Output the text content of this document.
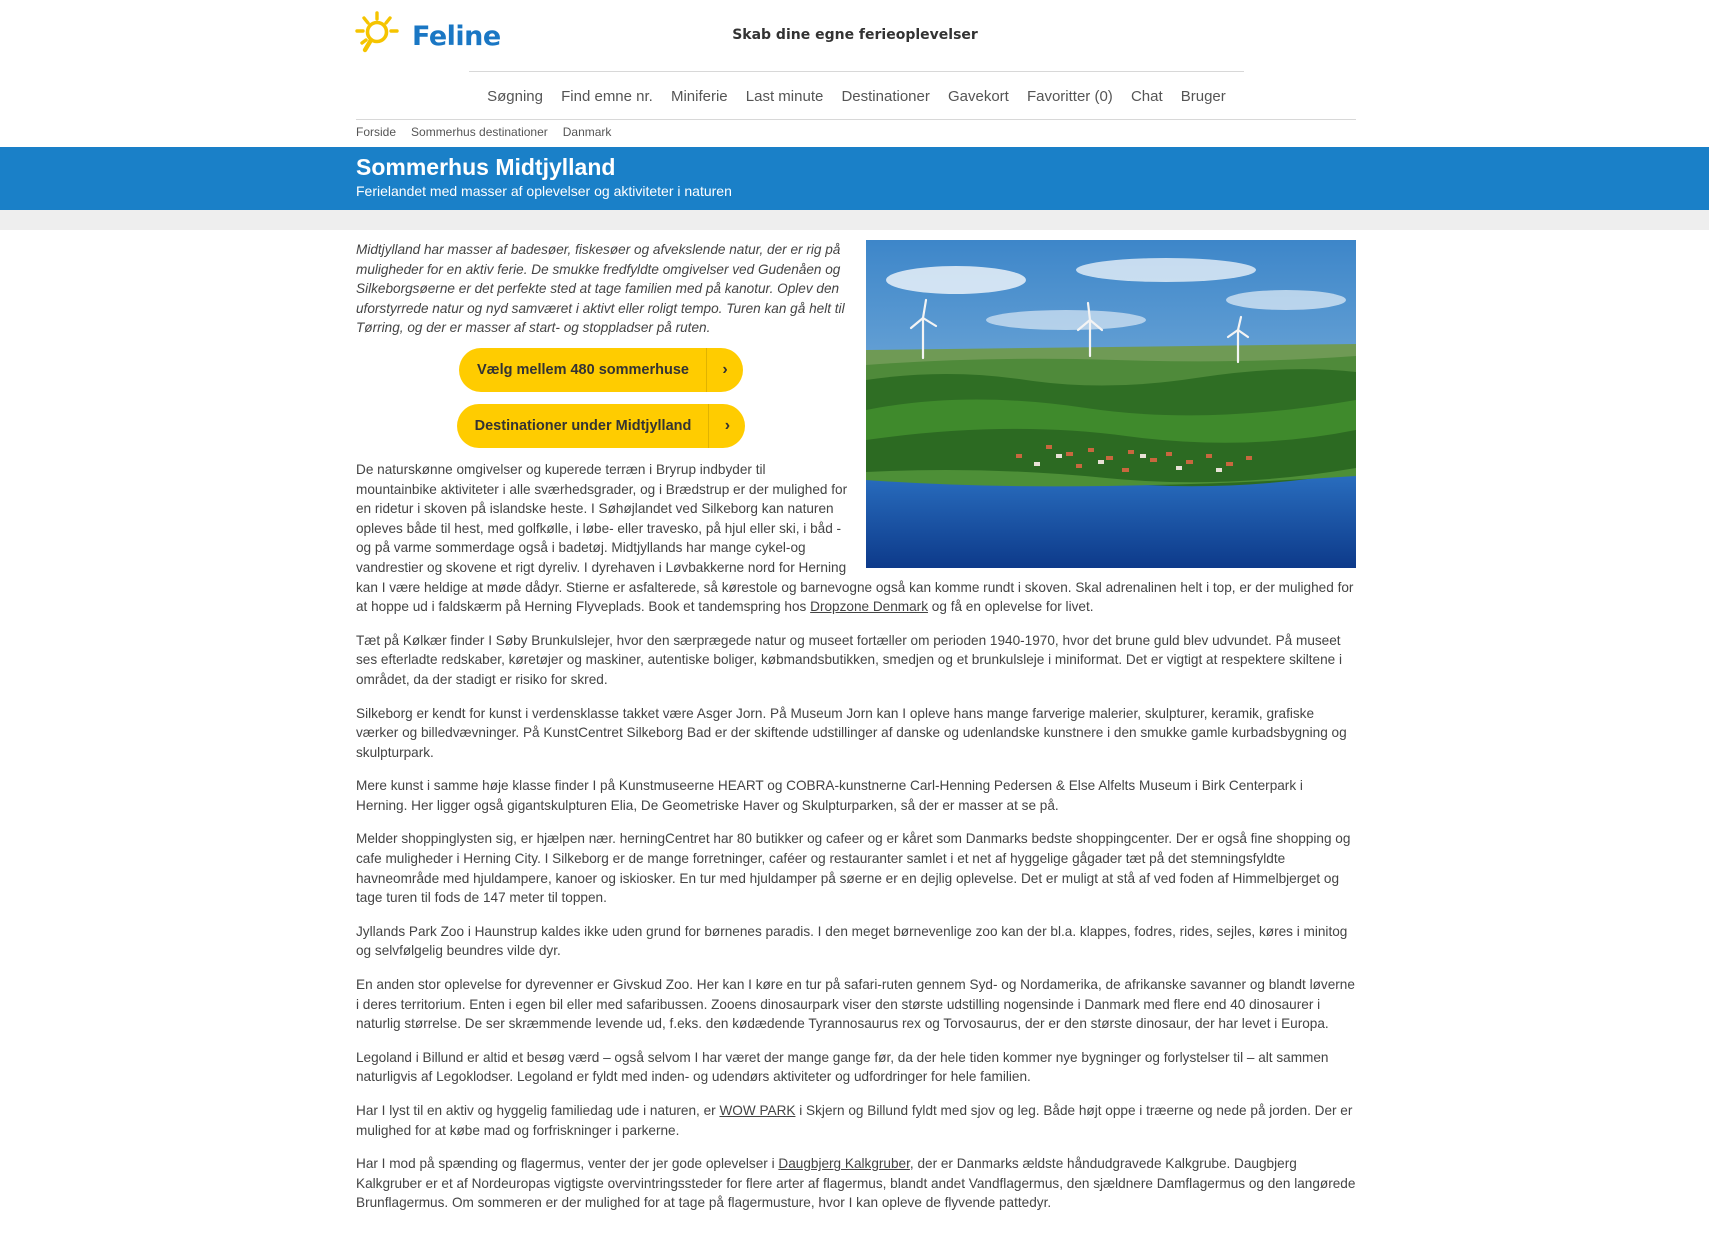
Feline	Skab dine egne ferieoplevelser
Søgning Find emne nr. Miniferie Last minute Destinationer Gavekort Favoritter (0) Chat Bruger
Forside Sommerhus destinationer Danmark
Sommerhus Midtjylland

Ferielandet med masser af oplevelser og aktiviteter i naturen

Midtjylland har masser af badesøer, fiskesøer og afvekslende natur, der er rig på muligheder for en aktiv ferie. De smukke fredfyldte omgivelser ved Gudenåen og Silkeborgsøerne er det perfekte sted at tage familien med på kanotur. Oplev den uforstyrrede natur og nyd samværet i aktivt eller roligt tempo. Turen kan gå helt til Tørring, og der er masser af start- og stoppladser på ruten.

Vælg mellem 480 sommerhuse	›
Destinationer under Midtjylland	›

De naturskønne omgivelser og kuperede terræn i Bryrup indbyder til mountainbike aktiviteter i alle sværhedsgrader, og i Brædstrup er der mulighed for en ridetur i skoven på islandske heste. I Søhøjlandet ved Silkeborg kan naturen opleves både til hest, med golfkølle, i løbe- eller travesko, på hjul eller ski, i båd - og på varme sommerdage også i badetøj. Midtjyllands har mange cykel-og vandrestier og skovene et rigt dyreliv. I dyrehaven i Løvbakkerne nord for Herning kan I være heldige at møde dådyr. Stierne er asfalterede, så kørestole og barnevogne også kan komme rundt i skoven. Skal adrenalinen helt i top, er der mulighed for at hoppe ud i faldskærm på Herning Flyveplads. Book et tandemspring hos Dropzone Denmark og få en oplevelse for livet.

Tæt på Kølkær finder I Søby Brunkulslejer, hvor den særprægede natur og museet fortæller om perioden 1940-1970, hvor det brune guld blev udvundet. På museet ses efterladte redskaber, køretøjer og maskiner, autentiske boliger, købmandsbutikken, smedjen og et brunkulsleje i miniformat. Det er vigtigt at respektere skiltene i området, da der stadigt er risiko for skred.

Silkeborg er kendt for kunst i verdensklasse takket være Asger Jorn. På Museum Jorn kan I opleve hans mange farverige malerier, skulpturer, keramik, grafiske værker og billedvævninger. På KunstCentret Silkeborg Bad er der skiftende udstillinger af danske og udenlandske kunstnere i den smukke gamle kurbadsbygning og skulpturpark.

Mere kunst i samme høje klasse finder I på Kunstmuseerne HEART og COBRA-kunstnerne Carl-Henning Pedersen & Else Alfelts Museum i Birk Centerpark i Herning. Her ligger også gigantskulpturen Elia, De Geometriske Haver og Skulpturparken, så der er masser at se på.

Melder shoppinglysten sig, er hjælpen nær. herningCentret har 80 butikker og cafeer og er kåret som Danmarks bedste shoppingcenter. Der er også fine shopping og cafe muligheder i Herning City. I Silkeborg er de mange forretninger, caféer og restauranter samlet i et net af hyggelige gågader tæt på det stemningsfyldte havneområde med hjuldampere, kanoer og iskiosker. En tur med hjuldamper på søerne er en dejlig oplevelse. Det er muligt at stå af ved foden af Himmelbjerget og tage turen til fods de 147 meter til toppen.

Jyllands Park Zoo i Haunstrup kaldes ikke uden grund for børnenes paradis. I den meget børnevenlige zoo kan der bl.a. klappes, fodres, rides, sejles, køres i minitog og selvfølgelig beundres vilde dyr.

En anden stor oplevelse for dyrevenner er Givskud Zoo. Her kan I køre en tur på safari-ruten gennem Syd- og Nordamerika, de afrikanske savanner og blandt løverne i deres territorium. Enten i egen bil eller med safaribussen. Zooens dinosaurpark viser den største udstilling nogensinde i Danmark med flere end 40 dinosaurer i naturlig størrelse. De ser skræmmende levende ud, f.eks. den kødædende Tyrannosaurus rex og Torvosaurus, der er den største dinosaur, der har levet i Europa.

Legoland i Billund er altid et besøg værd – også selvom I har været der mange gange før, da der hele tiden kommer nye bygninger og forlystelser til – alt sammen naturligvis af Legoklodser. Legoland er fyldt med inden- og udendørs aktiviteter og udfordringer for hele familien.

Har I lyst til en aktiv og hyggelig familiedag ude i naturen, er WOW PARK i Skjern og Billund fyldt med sjov og leg. Både højt oppe i træerne og nede på jorden. Der er mulighed for at købe mad og forfriskninger i parkerne.

Har I mod på spænding og flagermus, venter der jer gode oplevelser i Daugbjerg Kalkgruber, der er Danmarks ældste håndudgravede Kalkgrube. Daugbjerg Kalkgruber er et af Nordeuropas vigtigste overvintringssteder for flere arter af flagermus, blandt andet Vandflagermus, den sjældnere Damflagermus og den langørede Brunflagermus. Om sommeren er der mulighed for at tage på flagermusture, hvor I kan opleve de flyvende pattedyr.
